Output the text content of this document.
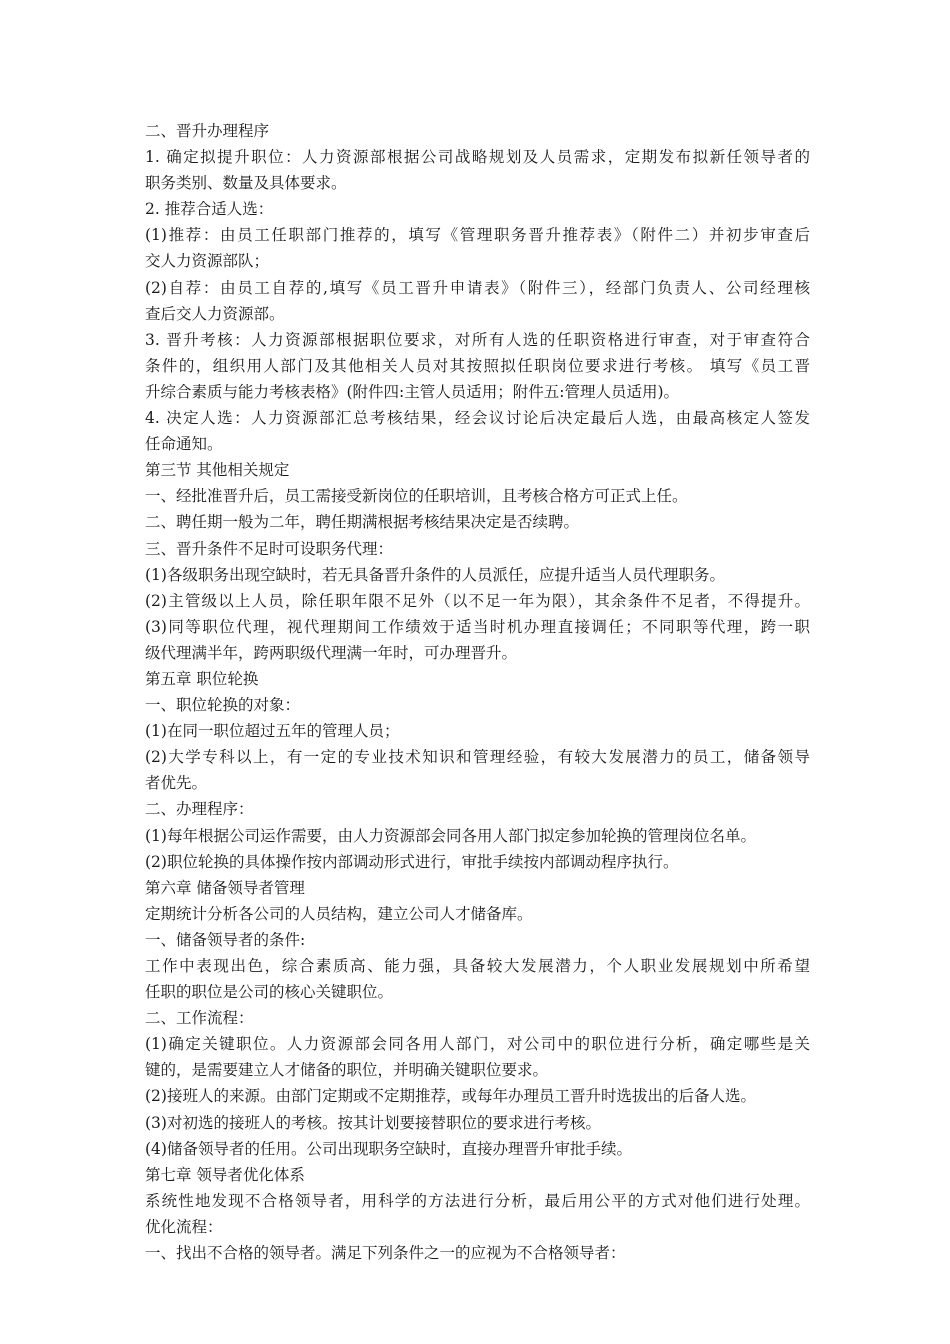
二、晋升办理程序
1. 确定拟提升职位：人力资源部根据公司战略规划及人员需求，定期发布拟新任领导者的
职务类别、数量及具体要求。
2. 推荐合适人选：
(1)推荐：由员工任职部门推荐的，填写《管理职务晋升推荐表》（附件二）并初步审查后
交人力资源部队；
(2)自荐：由员工自荐的,填写《员工晋升申请表》（附件三），经部门负责人、公司经理核
查后交人力资源部。
3. 晋升考核：人力资源部根据职位要求，对所有人选的任职资格进行审查，对于审查符合
条件的，组织用人部门及其他相关人员对其按照拟任职岗位要求进行考核。 填写《员工晋
升综合素质与能力考核表格》(附件四:主管人员适用；附件五:管理人员适用)。
4. 决定人选：人力资源部汇总考核结果，经会议讨论后决定最后人选，由最高核定人签发
任命通知。
第三节 其他相关规定
一、经批准晋升后，员工需接受新岗位的任职培训，且考核合格方可正式上任。
二、聘任期一般为二年，聘任期满根据考核结果决定是否续聘。
三、晋升条件不足时可设职务代理：
(1)各级职务出现空缺时，若无具备晋升条件的人员派任，应提升适当人员代理职务。
(2)主管级以上人员，除任职年限不足外（以不足一年为限），其余条件不足者，不得提升。
(3)同等职位代理，视代理期间工作绩效于适当时机办理直接调任；不同职等代理，跨一职
级代理满半年，跨两职级代理满一年时，可办理晋升。
第五章 职位轮换
一、职位轮换的对象：
(1)在同一职位超过五年的管理人员；
(2)大学专科以上，有一定的专业技术知识和管理经验，有较大发展潜力的员工，储备领导
者优先。
二、办理程序：
(1)每年根据公司运作需要，由人力资源部会同各用人部门拟定参加轮换的管理岗位名单。
(2)职位轮换的具体操作按内部调动形式进行，审批手续按内部调动程序执行。
第六章 储备领导者管理
定期统计分析各公司的人员结构，建立公司人才储备库。
一、储备领导者的条件:
工作中表现出色，综合素质高、能力强，具备较大发展潜力，个人职业发展规划中所希望
任职的职位是公司的核心关键职位。
二、工作流程：
(1)确定关键职位。人力资源部会同各用人部门，对公司中的职位进行分析，确定哪些是关
键的，是需要建立人才储备的职位，并明确关键职位要求。
(2)接班人的来源。由部门定期或不定期推荐，或每年办理员工晋升时选拔出的后备人选。
(3)对初选的接班人的考核。按其计划要接替职位的要求进行考核。
(4)储备领导者的任用。公司出现职务空缺时，直接办理晋升审批手续。
第七章 领导者优化体系
系统性地发现不合格领导者，用科学的方法进行分析，最后用公平的方式对他们进行处理。
优化流程：
一、找出不合格的领导者。满足下列条件之一的应视为不合格领导者：
